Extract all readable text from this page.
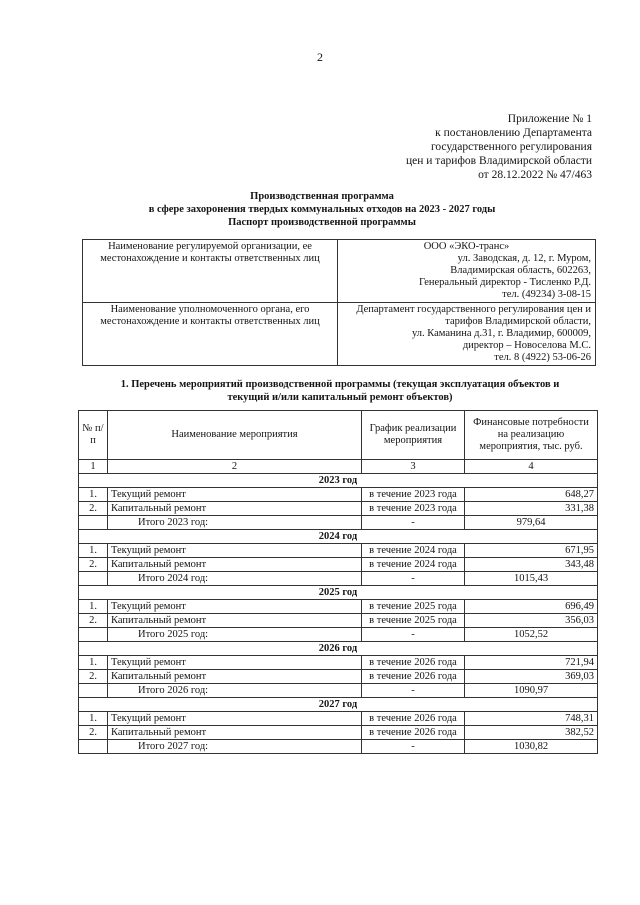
2
Приложение № 1
к постановлению Департамента
государственного регулирования
цен и тарифов Владимирской области
от 28.12.2022 № 47/463
Производственная программа
в сфере захоронения твердых коммунальных отходов на 2023 - 2027 годы
Паспорт производственной программы
Наименование регулируемой организации, ее местонахождение и контакты ответственных лиц	ООО «ЭКО-транс»
ул. Заводская, д. 12, г. Муром,
Владимирская область, 602263,
Генеральный директор - Тисленко Р.Д.
тел. (49234) 3-08-15

Наименование уполномоченного органа, его местонахождение и контакты ответственных лиц	Департамент государственного регулирования цен и
тарифов Владимирской области,
ул. Каманина д.31, г. Владимир, 600009,
директор – Новоселова М.С.
тел. 8 (4922) 53-06-26
1. Перечень мероприятий производственной программы (текущая эксплуатация объектов и
текущий и/или капитальный ремонт объектов)
№ п/п	Наименование мероприятия	График реализации мероприятия	Финансовые потребности на реализацию мероприятия, тыс. руб.
1	2	3	4
2023 год			
1.	Текущий ремонт	в течение 2023 года	648,27
2.	Капитальный ремонт	в течение 2023 года	331,38
	Итого 2023 год:	-	979,64
2024 год			
1.	Текущий ремонт	в течение 2024 года	671,95
2.	Капитальный ремонт	в течение 2024 года	343,48
	Итого 2024 год:	-	1015,43
2025 год			
1.	Текущий ремонт	в течение 2025 года	696,49
2.	Капитальный ремонт	в течение 2025 года	356,03
	Итого 2025 год:	-	1052,52
2026 год			
1.	Текущий ремонт	в течение 2026 года	721,94
2.	Капитальный ремонт	в течение 2026 года	369,03
	Итого 2026 год:	-	1090,97
2027 год			
1.	Текущий ремонт	в течение 2026 года	748,31
2.	Капитальный ремонт	в течение 2026 года	382,52
	Итого 2027 год:	-	1030,82
